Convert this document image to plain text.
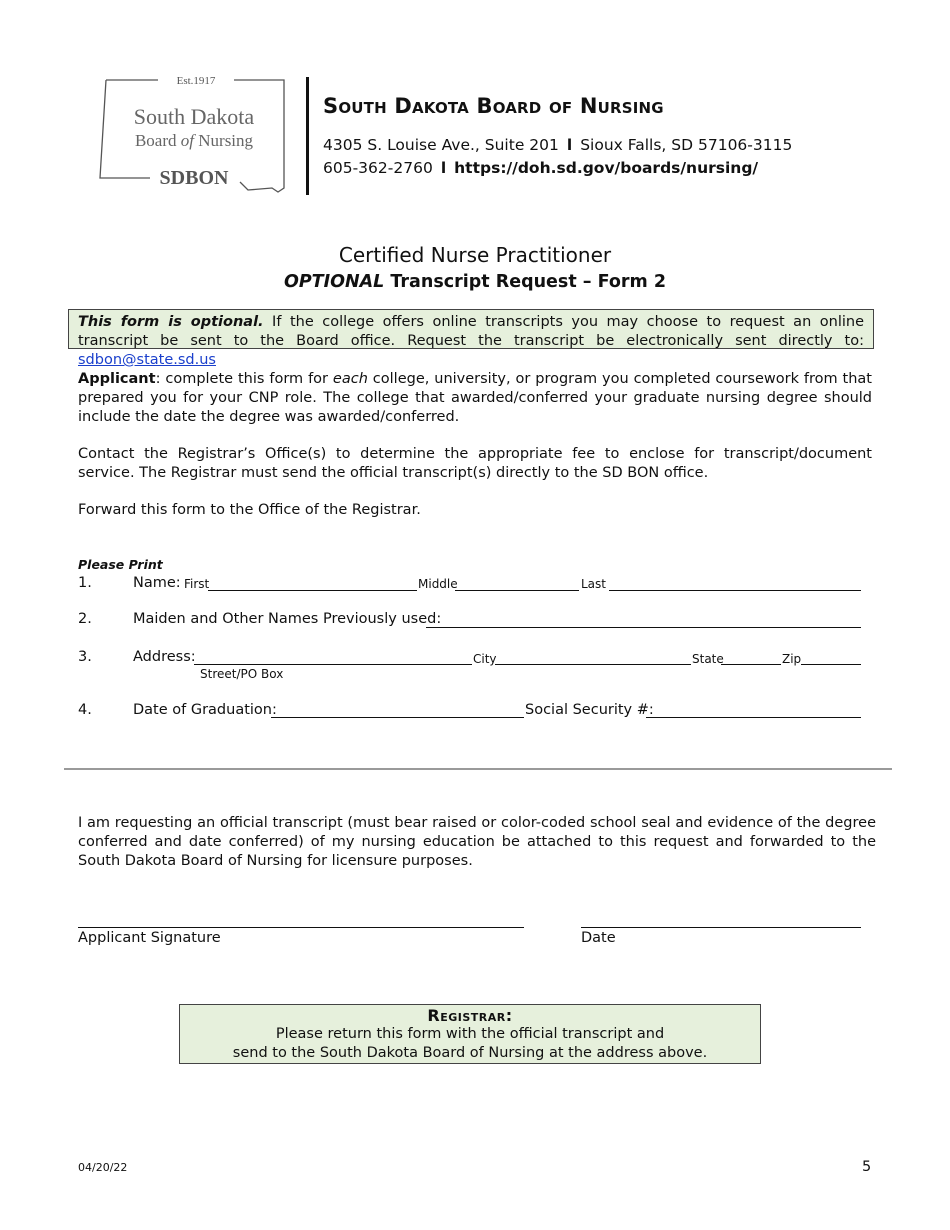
Est.1917
South Dakota
Board of Nursing
SDBON
South Dakota Board of Nursing
4305 S. Louise Ave., Suite 201 l Sioux Falls, SD 57106-3115
605-362-2760 l https://doh.sd.gov/boards/nursing/
Certified Nurse Practitioner
OPTIONAL Transcript Request – Form 2
This form is optional. If the college offers online transcripts you may choose to request an online transcript be sent to the Board office. Request the transcript be electronically sent directly to: sdbon@state.sd.us
Applicant: complete this form for each college, university, or program you completed coursework from that prepared you for your CNP role. The college that awarded/conferred your graduate nursing degree should include the date the degree was awarded/conferred.
Contact the Registrar’s Office(s) to determine the appropriate fee to enclose for transcript/document service. The Registrar must send the official transcript(s) directly to the SD BON office.
Forward this form to the Office of the Registrar.
Please Print
1.	Name: First	Middle	Last
2.	Maiden and Other Names Previously used:
3.	Address:	City	State	Zip
Street/PO Box
4.	Date of Graduation:	Social Security #:
I am requesting an official transcript (must bear raised or color-coded school seal and evidence of the degree conferred and date conferred) of my nursing education be attached to this request and forwarded to the South Dakota Board of Nursing for licensure purposes.
Applicant Signature	Date
Registrar:
Please return this form with the official transcript and
send to the South Dakota Board of Nursing at the address above.
04/20/22	5
